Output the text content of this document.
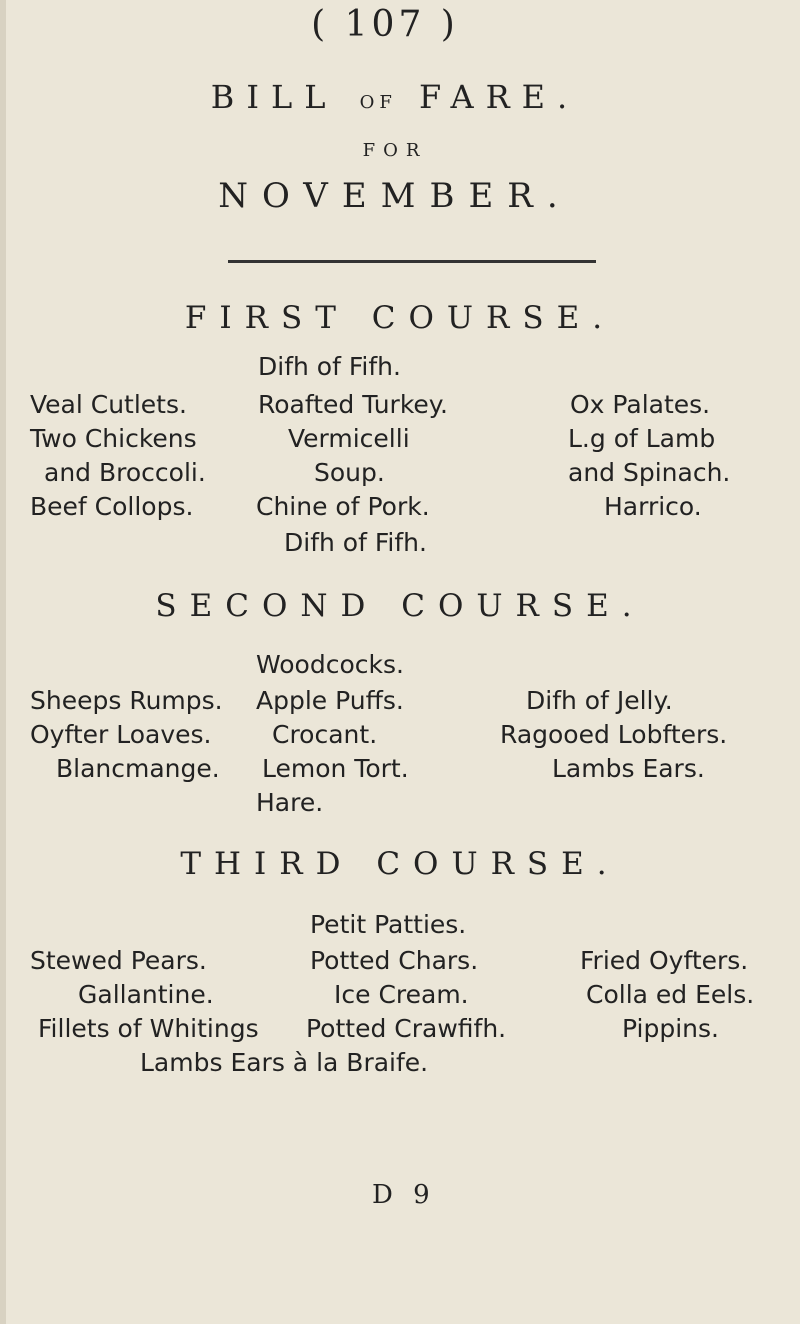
( 107 )
BILL OF FARE.
FOR
NOVEMBER.
FIRST COURSE.
Difh of Fifh.
Veal Cutlets.
Two Chickens
and Broccoli.
Beef Collops.
Roafted Turkey.
Vermicelli
Soup.
Chine of Pork.
Ox Palates.
L.g of Lamb
and Spinach.
Harrico.
Difh of Fifh.
SECOND COURSE.
Woodcocks.
Sheeps Rumps.
Oyfter Loaves.
Blancmange.
Apple Puffs.
Crocant.
Lemon Tort.
Difh of Jelly.
Ragooed Lobfters.
Lambs Ears.
Hare.
THIRD COURSE.
Petit Patties.
Stewed Pears.
Gallantine.
Fillets of Whitings
Potted Chars.
Ice Cream.
Potted Crawfifh.
Fried Oyfters.
Colla ed Eels.
Pippins.
Lambs Ears à la Braife.
D 9
